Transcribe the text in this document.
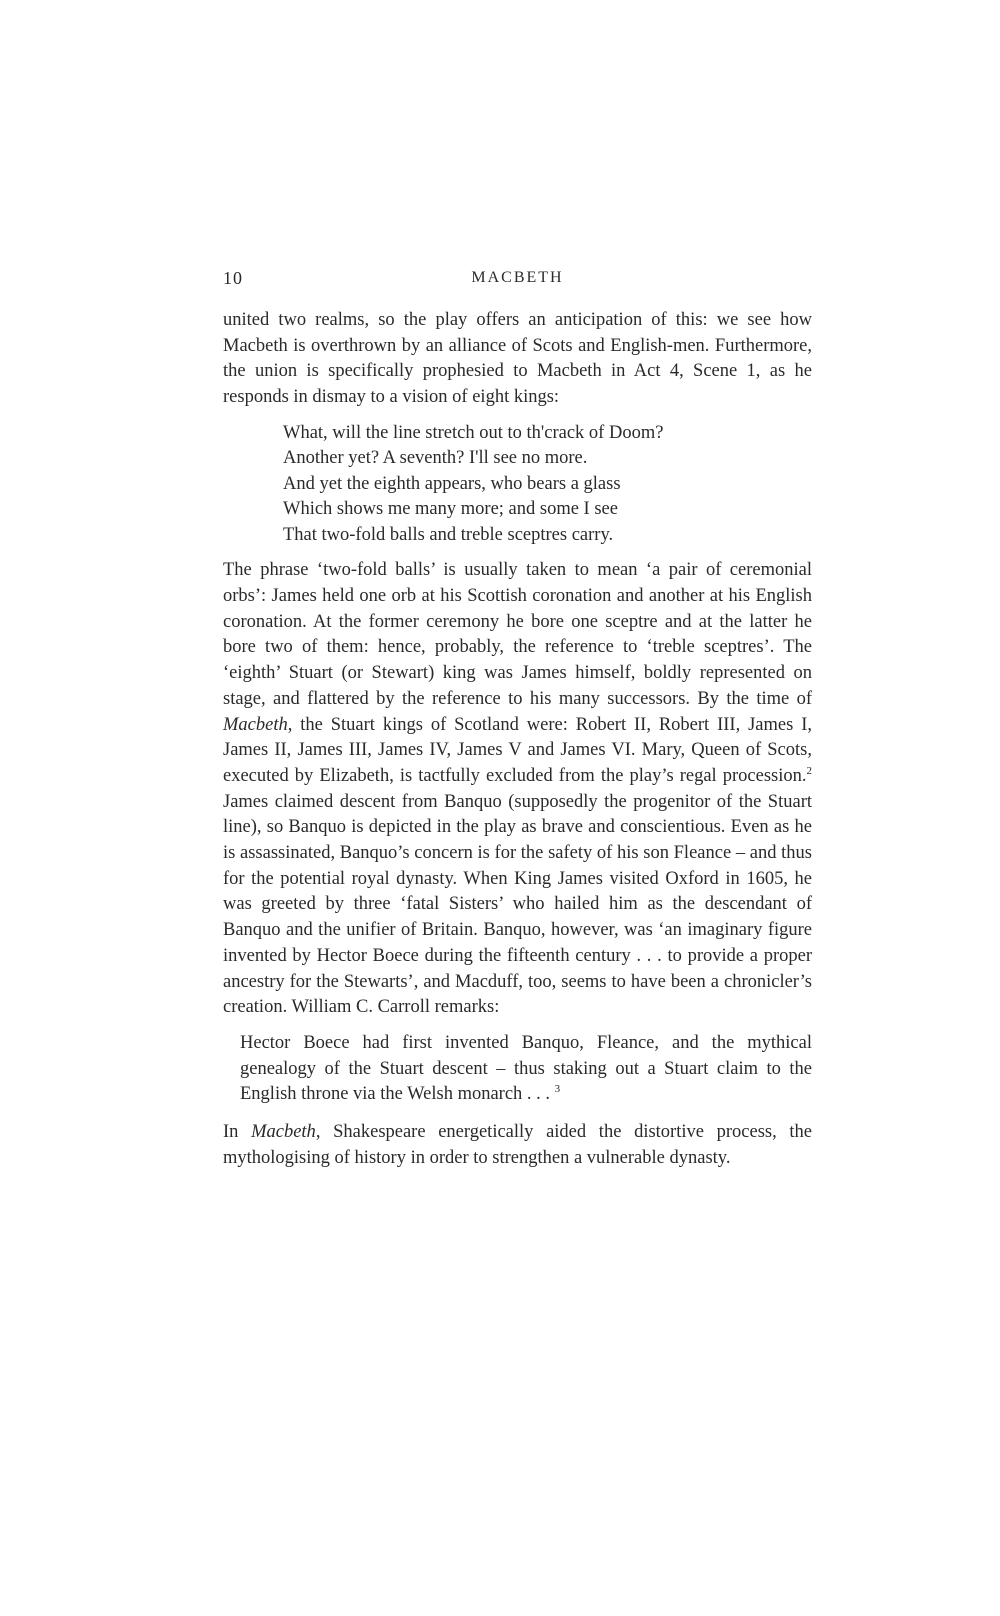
10	MACBETH

united two realms, so the play offers an anticipation of this: we see how Macbeth is overthrown by an alliance of Scots and English-men. Furthermore, the union is specifically prophesied to Macbeth in Act 4, Scene 1, as he responds in dismay to a vision of eight kings:

What, will the line stretch out to th'crack of Doom?
Another yet? A seventh? I'll see no more.
And yet the eighth appears, who bears a glass
Which shows me many more; and some I see
That two-fold balls and treble sceptres carry.

The phrase ‘two-fold balls’ is usually taken to mean ‘a pair of ceremonial orbs’: James held one orb at his Scottish coronation and another at his English coronation. At the former ceremony he bore one sceptre and at the latter he bore two of them: hence, probably, the reference to ‘treble sceptres’. The ‘eighth’ Stuart (or Stewart) king was James himself, boldly represented on stage, and flattered by the reference to his many successors. By the time of Macbeth, the Stuart kings of Scotland were: Robert II, Robert III, James I, James II, James III, James IV, James V and James VI. Mary, Queen of Scots, executed by Elizabeth, is tactfully excluded from the play’s regal procession.$^2$ James claimed descent from Banquo (supposedly the progenitor of the Stuart line), so Banquo is depicted in the play as brave and conscientious. Even as he is assassinated, Banquo’s concern is for the safety of his son Fleance – and thus for the potential royal dynasty. When King James visited Oxford in 1605, he was greeted by three ‘fatal Sisters’ who hailed him as the descendant of Banquo and the unifier of Britain. Banquo, however, was ‘an imaginary figure invented by Hector Boece during the fifteenth century . . . to provide a proper ancestry for the Stewarts’, and Macduff, too, seems to have been a chronicler’s creation. William C. Carroll remarks:

Hector Boece had first invented Banquo, Fleance, and the mythical genealogy of the Stuart descent – thus staking out a Stuart claim to the English throne via the Welsh monarch . . . $^3$

In Macbeth, Shakespeare energetically aided the distortive process, the mythologising of history in order to strengthen a vulnerable dynasty.
